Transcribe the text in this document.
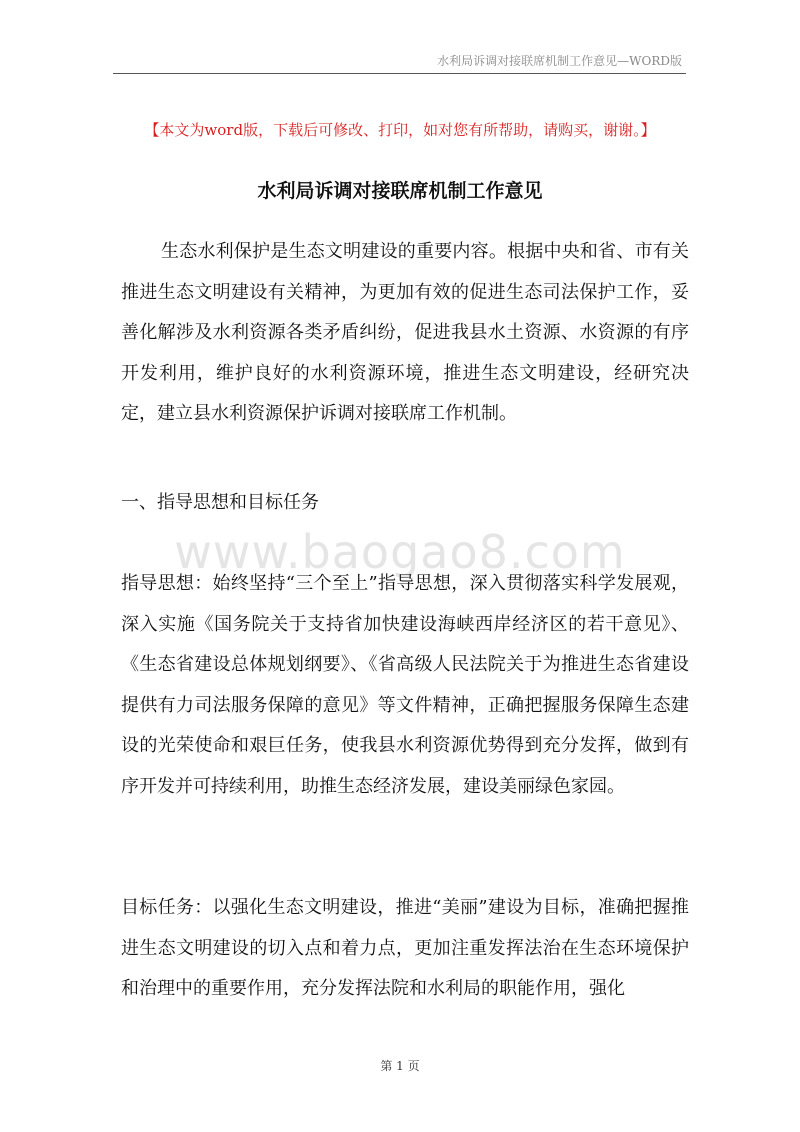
水利局诉调对接联席机制工作意见—WORD版
【本文为word版，下载后可修改、打印，如对您有所帮助，请购买，谢谢。】
水利局诉调对接联席机制工作意见
生态水利保护是生态文明建设的重要内容。根据中央和省、市有关推进生态文明建设有关精神，为更加有效的促进生态司法保护工作，妥善化解涉及水利资源各类矛盾纠纷，促进我县水土资源、水资源的有序开发利用，维护良好的水利资源环境，推进生态文明建设，经研究决定，建立县水利资源保护诉调对接联席工作机制。
一、指导思想和目标任务
www.baogao8.com
指导思想：始终坚持“三个至上”指导思想，深入贯彻落实科学发展观，深入实施《国务院关于支持省加快建设海峡西岸经济区的若干意见》、《生态省建设总体规划纲要》、《省高级人民法院关于为推进生态省建设提供有力司法服务保障的意见》等文件精神，正确把握服务保障生态建设的光荣使命和艰巨任务，使我县水利资源优势得到充分发挥，做到有序开发并可持续利用，助推生态经济发展，建设美丽绿色家园。
目标任务：以强化生态文明建设，推进“美丽”建设为目标，准确把握推进生态文明建设的切入点和着力点，更加注重发挥法治在生态环境保护和治理中的重要作用，充分发挥法院和水利局的职能作用，强化
第 1 页
